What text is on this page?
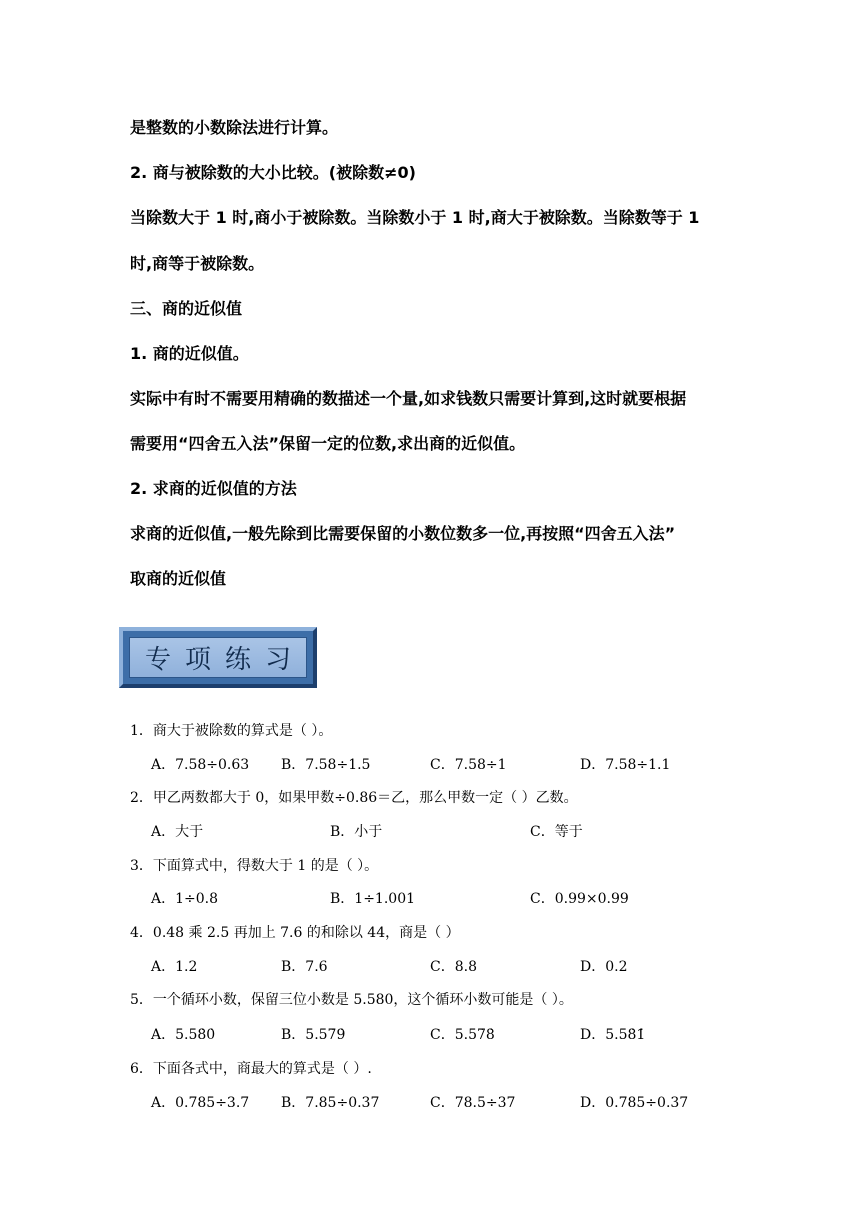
是整数的小数除法进行计算。
2. 商与被除数的大小比较。(被除数≠0)
当除数大于 1 时,商小于被除数。当除数小于 1 时,商大于被除数。当除数等于 1
时,商等于被除数。
三、商的近似值
1. 商的近似值。
实际中有时不需要用精确的数描述一个量,如求钱数只需要计算到,这时就要根据
需要用“四舍五入法”保留一定的位数,求出商的近似值。
2. 求商的近似值的方法
求商的近似值,一般先除到比需要保留的小数位数多一位,再按照“四舍五入法”
取商的近似值
专项练习
1．商大于被除数的算式是（ ）。
A．7.58÷0.63 B．7.58÷1.5	C．7.58÷1	D．7.58÷1.1
2．甲乙两数都大于 0，如果甲数÷0.86＝乙，那么甲数一定（ ）乙数。
A．大于	B．小于	C．等于
3．下面算式中，得数大于 1 的是（ ）。
A．1÷0.8	B．1÷1.001	C．0.99×0.99
4．0.48 乘 2.5 再加上 7.6 的和除以 44，商是（ ）
A．1.2	B．7.6	C．8.8	D．0.2
5．一个循环小数，保留三位小数是 5.580，这个循环小数可能是（ ）。
A．5.58̇0̇	B．5.57̇9̇	C．5.57̇8̇	D．5.58̇1̇
6．下面各式中，商最大的算式是（ ）.
A．0.785÷3.7 B．7.85÷0.37	C．78.5÷37	D．0.785÷0.37
